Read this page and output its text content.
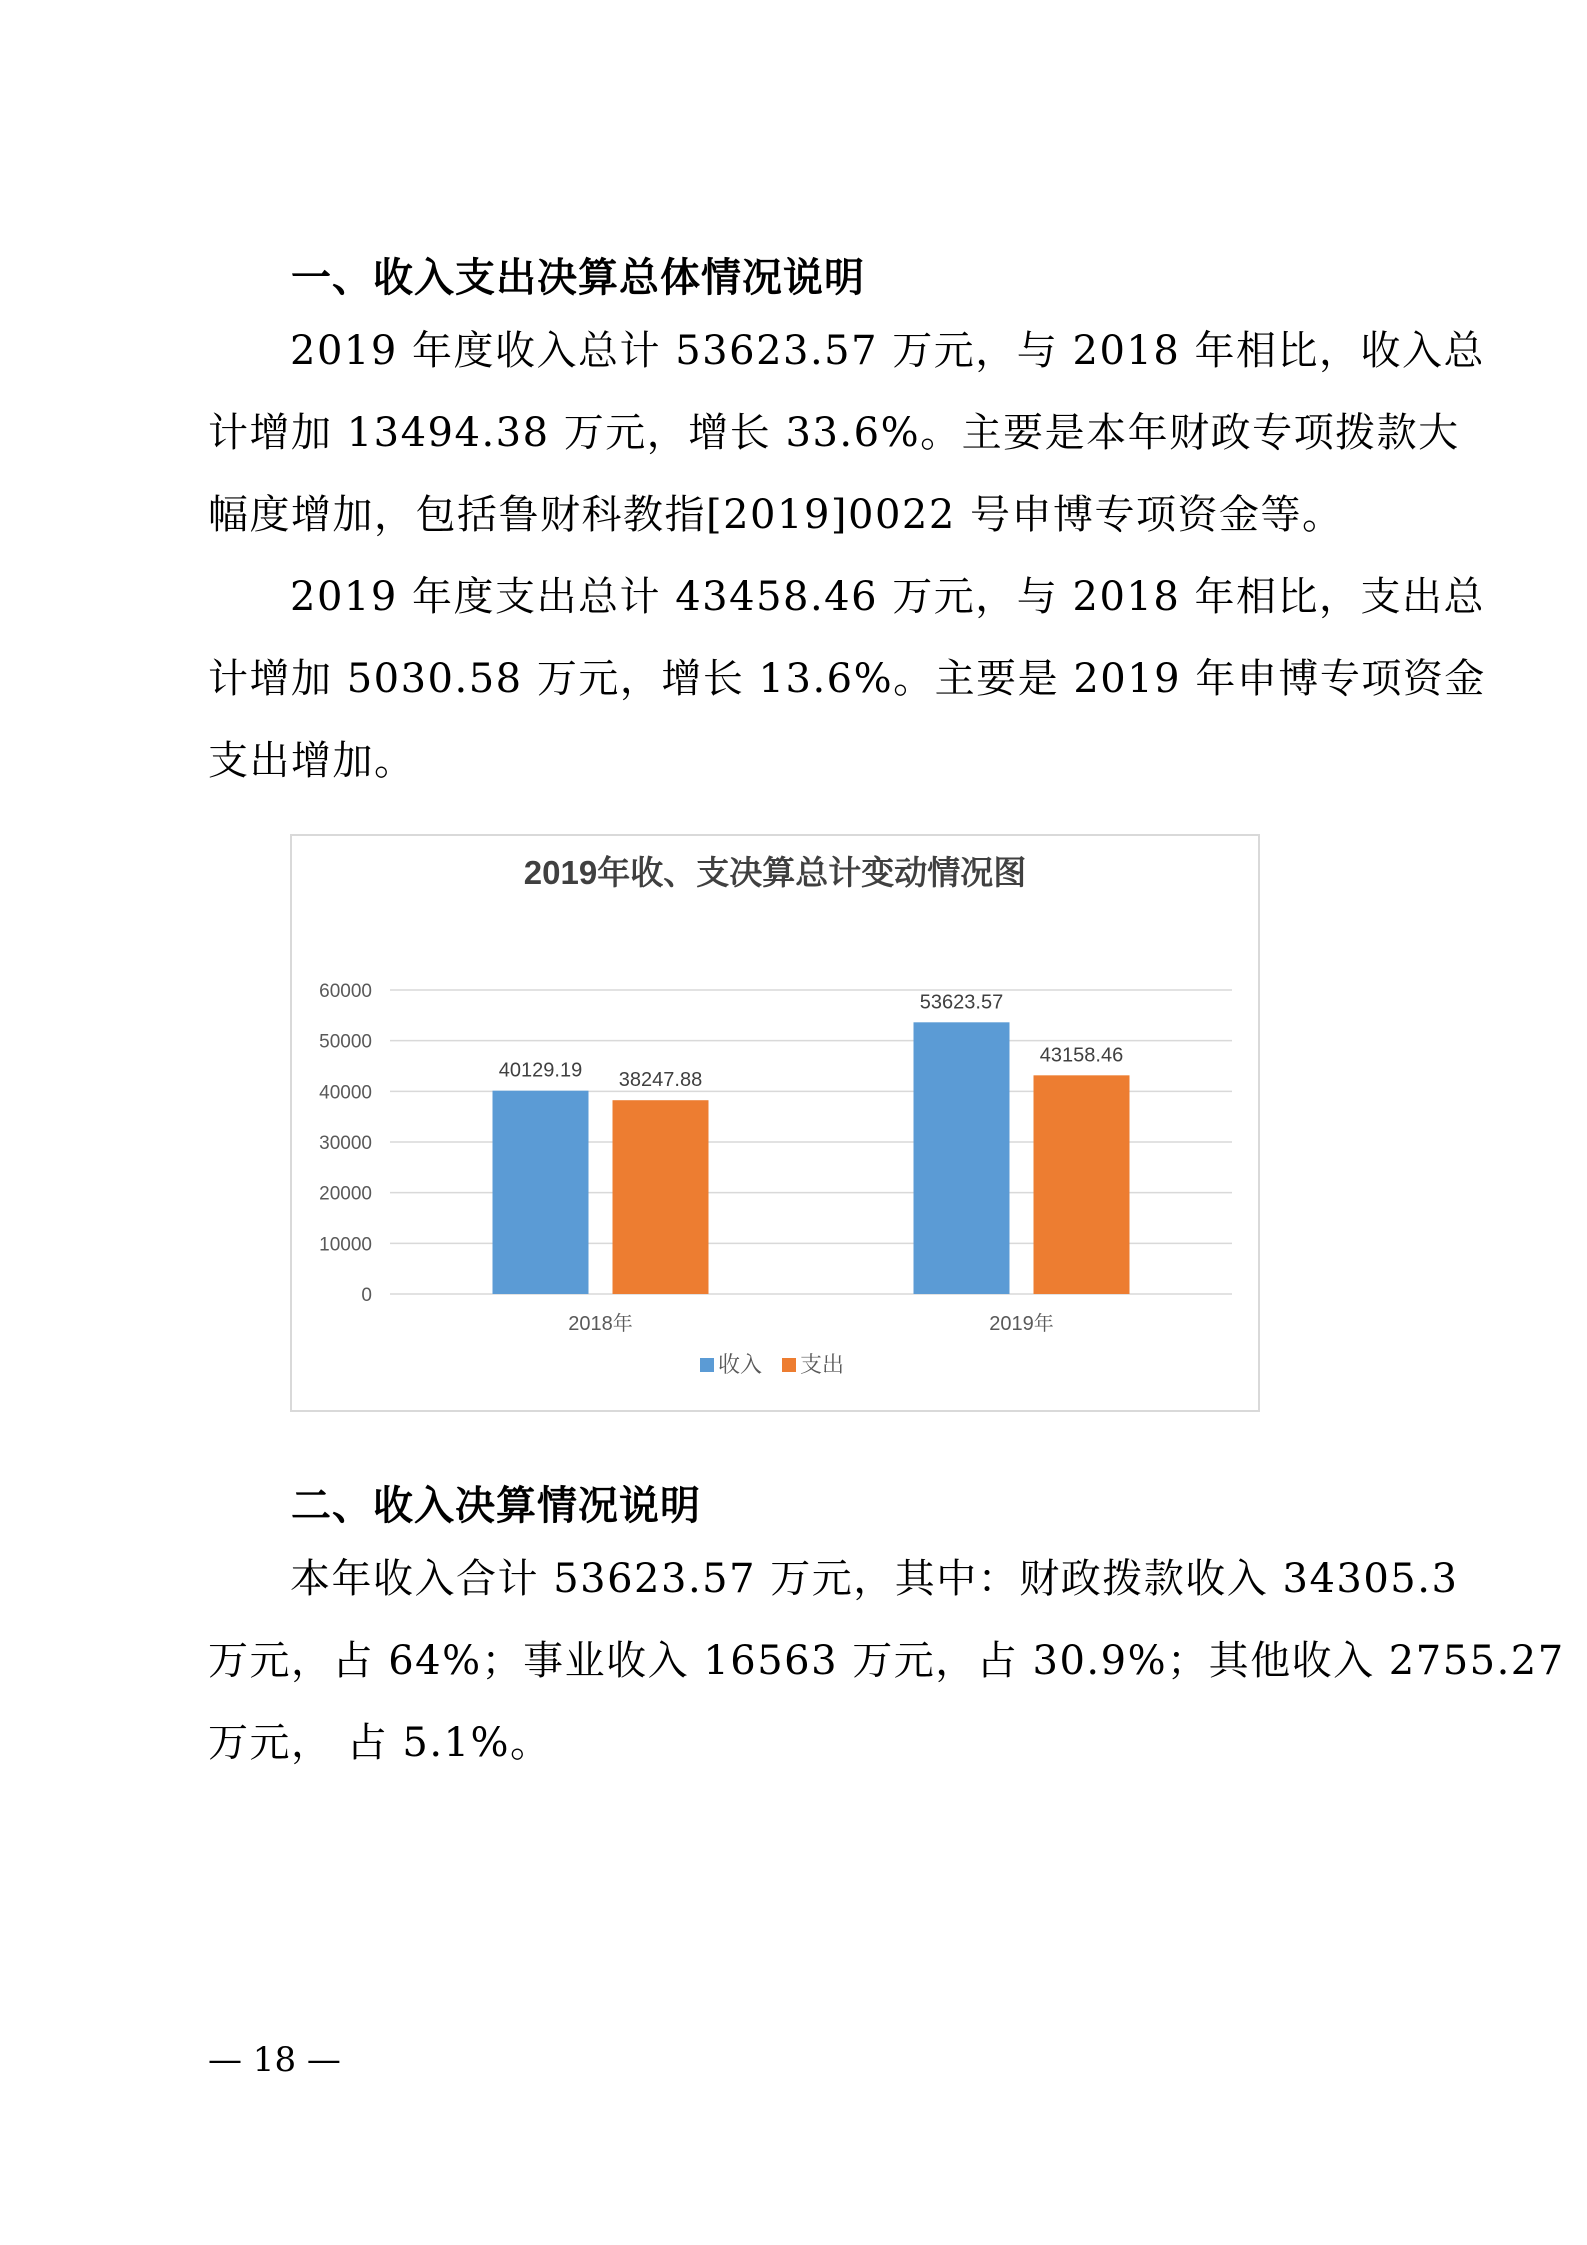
一、收入支出决算总体情况说明
2019 年度收入总计 53623.57 万元，与 2018 年相比，收入总
计增加 13494.38 万元，增长 33.6%。主要是本年财政专项拨款大
幅度增加，包括鲁财科教指[2019]0022 号申博专项资金等。
2019 年度支出总计 43458.46 万元，与 2018 年相比，支出总
计增加 5030.58 万元，增长 13.6%。主要是 2019 年申博专项资金
支出增加。
2019年收、支决算总计变动情况图
0
10000
20000
30000
40000
50000
60000
40129.19 38247.88
2018年
53623.57
43158.46
2019年
收入 支出
二、收入决算情况说明
本年收入合计 53623.57 万元，其中：财政拨款收入 34305.3
万元，占 64%；事业收入 16563 万元，占 30.9%；其他收入 2755.27
万元， 占 5.1%。
— 18 —
